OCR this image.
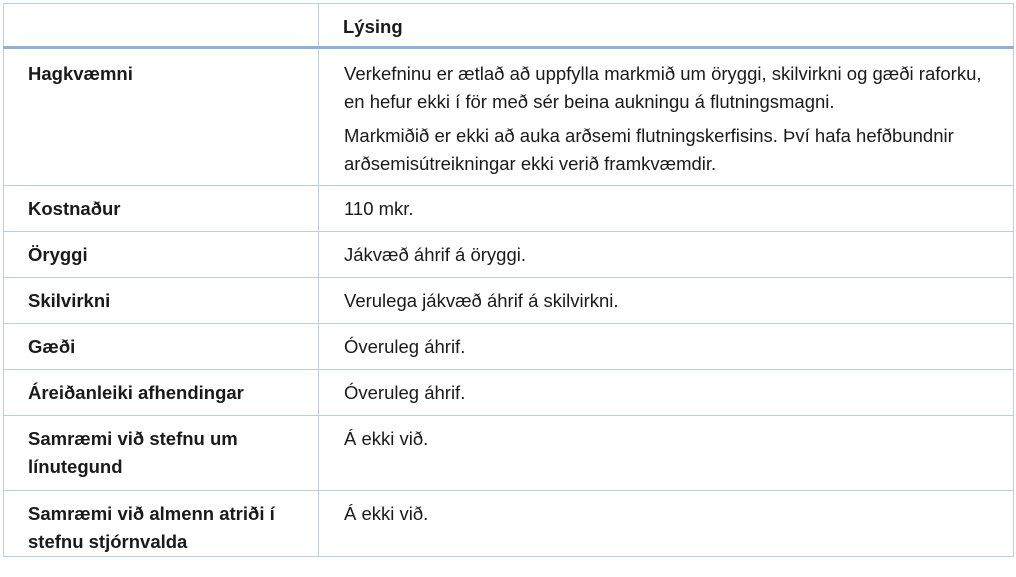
	Lýsing
Hagkvæmni	Verkefninu er ætlað að uppfylla markmið um öryggi, skilvirkni og gæði raforku, en hefur ekki í för með sér beina aukningu á flutningsmagni.

Markmiðið er ekki að auka arðsemi flutningskerfisins. Því hafa hefðbundnir arðsemisútreikningar ekki verið framkvæmdir.

Kostnaður	110 mkr.
Öryggi	Jákvæð áhrif á öryggi.
Skilvirkni	Verulega jákvæð áhrif á skilvirkni.
Gæði	Óveruleg áhrif.
Áreiðanleiki afhendingar	Óveruleg áhrif.
Samræmi við stefnu um línutegund	Á ekki við.
Samræmi við almenn atriði í stefnu stjórnvalda	Á ekki við.
